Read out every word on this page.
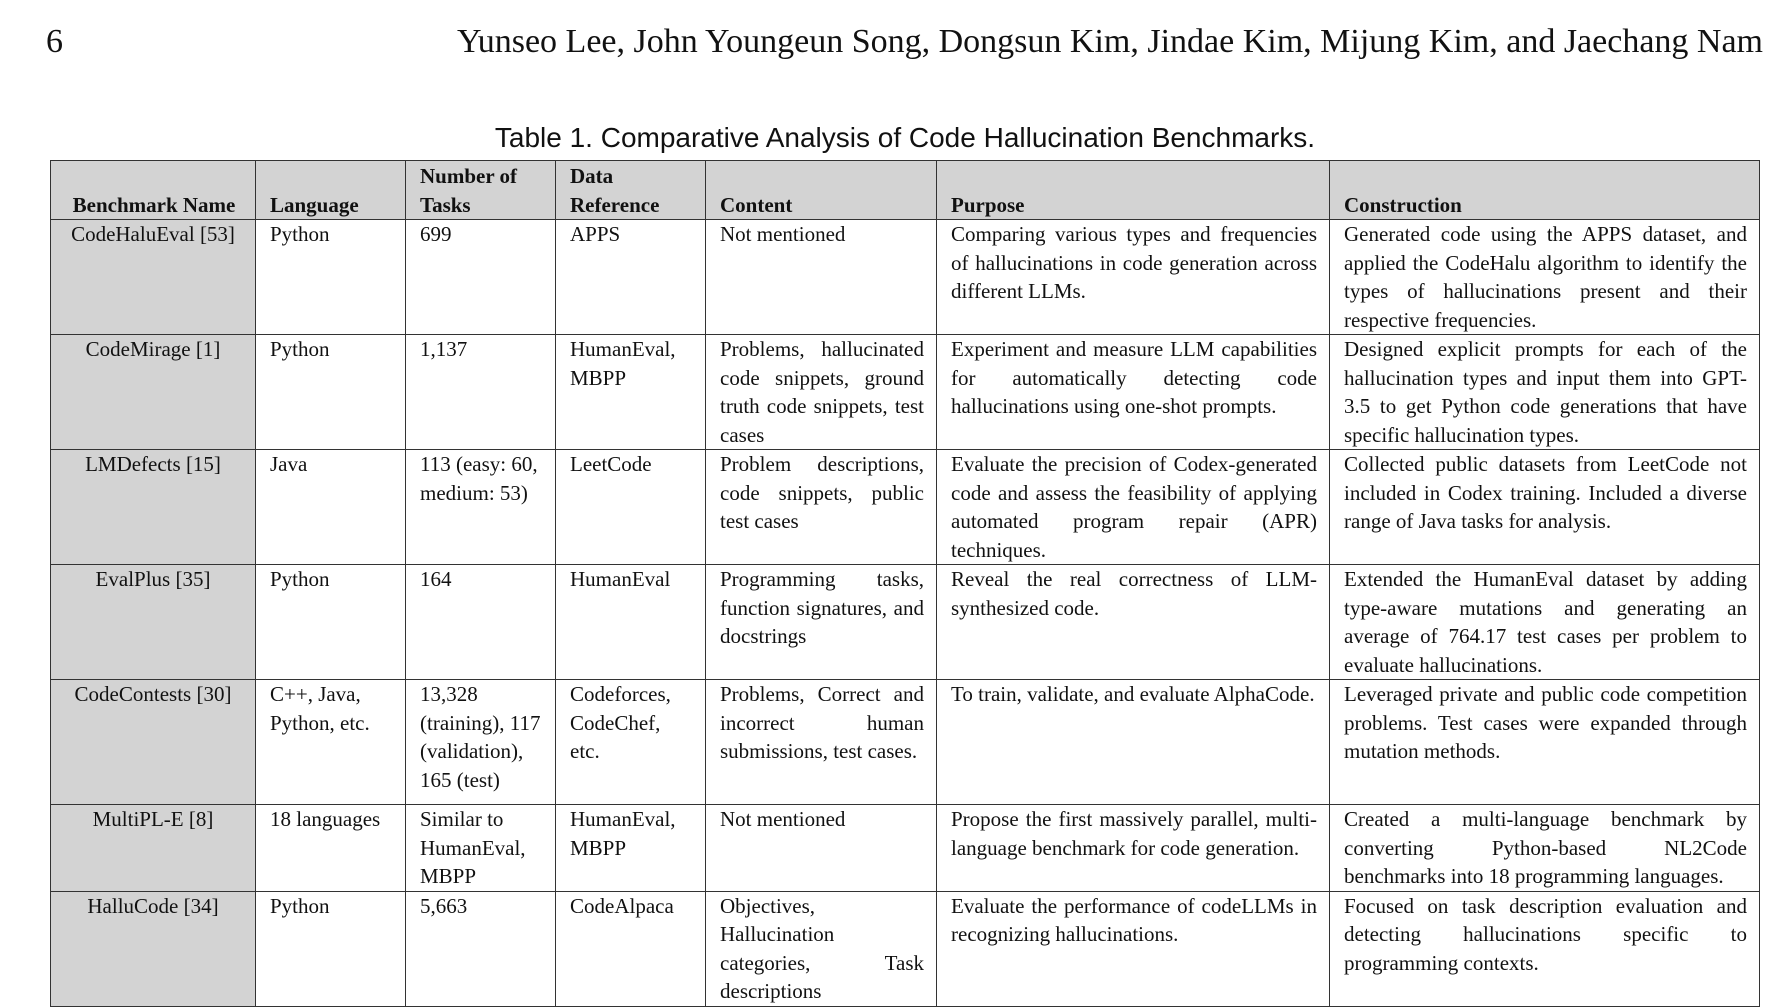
6	Yunseo Lee, John Youngeun Song, Dongsun Kim, Jindae Kim, Mijung Kim, and Jaechang Nam
Table 1. Comparative Analysis of Code Hallucination Benchmarks.
Benchmark Name	Language	Number of Tasks	Data Reference	Content	Purpose	Construction
CodeHaluEval [53]	Python	699	APPS	Not mentioned	Comparing various types and frequencies of hallucinations in code generation across different LLMs.	Generated code using the APPS dataset, and applied the CodeHalu algorithm to identify the types of hallucinations present and their respective frequencies.
CodeMirage [1]	Python	1,137	HumanEval, MBPP	Problems, hallucinated code snippets, ground truth code snippets, test cases	Experiment and measure LLM capabilities for automatically detecting code hallucinations using one-shot prompts.	Designed explicit prompts for each of the hallucination types and input them into GPT-3.5 to get Python code generations that have specific hallucination types.
LMDefects [15]	Java	113 (easy: 60, medium: 53)	LeetCode	Problem descriptions, code snippets, public test cases	Evaluate the precision of Codex-generated code and assess the feasibility of applying automated program repair (APR) techniques.	Collected public datasets from LeetCode not included in Codex training. Included a diverse range of Java tasks for analysis.
EvalPlus [35]	Python	164	HumanEval	Programming tasks, function signatures, and docstrings	Reveal the real correctness of LLM-synthesized code.	Extended the HumanEval dataset by adding type-aware mutations and generating an average of 764.17 test cases per problem to evaluate hallucinations.
CodeContests [30]	C++, Java, Python, etc.	13,328 (training), 117 (validation), 165 (test)	Codeforces, CodeChef, etc.	Problems, Correct and incorrect human submissions, test cases.	To train, validate, and evaluate AlphaCode.	Leveraged private and public code competition problems. Test cases were expanded through mutation methods.
MultiPL-E [8]	18 languages	Similar to HumanEval, MBPP	HumanEval, MBPP	Not mentioned	Propose the first massively parallel, multi-language benchmark for code generation.	Created a multi-language benchmark by converting Python-based NL2Code benchmarks into 18 programming languages.
HalluCode [34]	Python	5,663	CodeAlpaca	Objectives, Hallucination categories, Task descriptions	Evaluate the performance of codeLLMs in recognizing hallucinations.	Focused on task description evaluation and detecting hallucinations specific to programming contexts.
